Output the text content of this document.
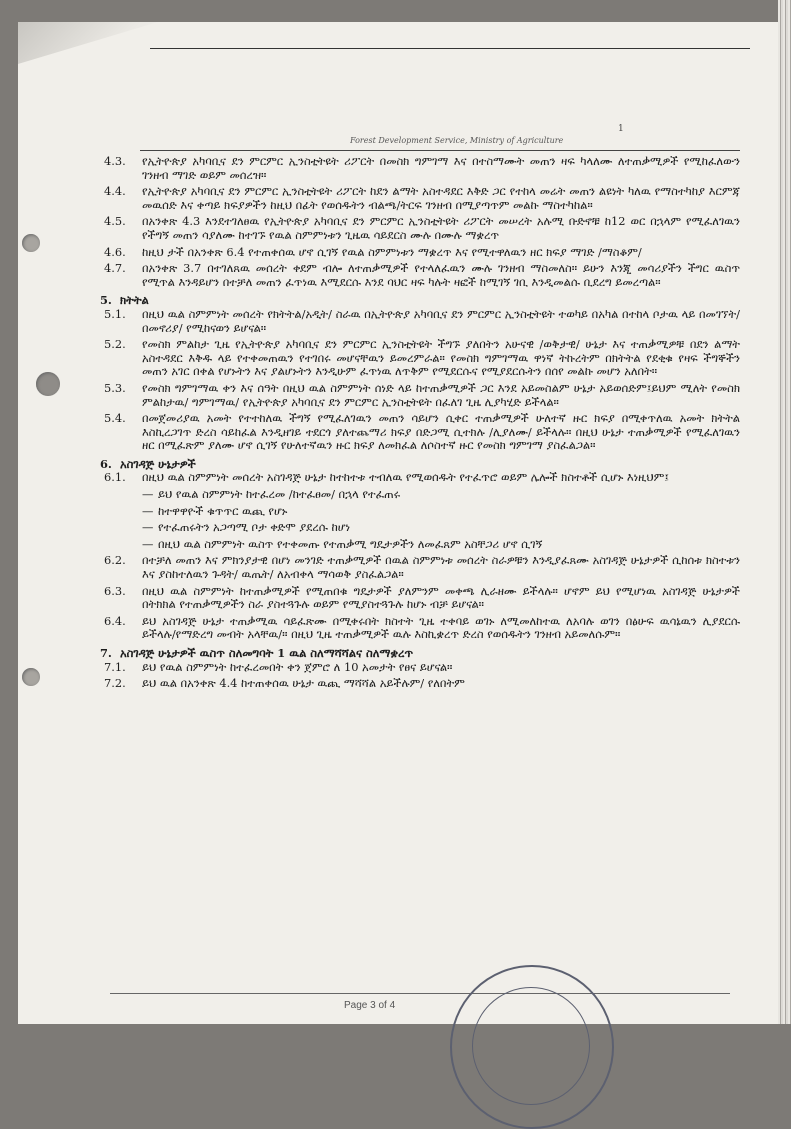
Forest Development Service, Ministry of Agriculture
1
4.3.	የኢትዮጵያ አካባቢና ደን ምርምር ኢንስቲትዩት ሪፖርት በመስክ ግምገማ እና በተስማሙት መጠን ዛፍ ካላለሙ ለተጠቃሚዎች የሚከፈለውን ገንዘብ ማገድ ወይም መሰረዝ።
4.4.	የኢትዮጵያ አካባቢና ደን ምርምር ኢንስቲትዩት ሪፖርት ከደን ልማት አስተዳደር እቅድ ጋር የተከላ መሬት መጠን ልዩነት ካለዉ የማስተካከያ እርምጃ መዉሰድ እና ቀጣይ ክፍያዎችን ከዚህ በፊት የወሰዱትን ብልጫ/ትርፍ ገንዘብ በሚያጣጥም መልኩ ማስተካከል።
4.5.	በአንቀጽ 4.3 እንደተገለፀዉ የኢትዮጵያ አካባቢና ደን ምርምር ኢንስቲትዩት ሪፖርት መሠረት አሉሚ ቡድኖቹ ከ12 ወር በኋላም የሚፈለገዉን የችግኝ መጠን ሳያለሙ ከተገኙ የዉል ስምምነቱን ጊዜዉ ሳይደርስ ሙሉ በሙሉ ማቋረጥ
4.6.	ከዚህ ታች በአንቀጽ 6.4 የተጠቀሰዉ ሆኖ ሲገኝ የዉል ስምምነቱን ማቋረጥ እና የሚተዋለዉን ዘር ክፍያ ማገድ /ማስቆም/
4.7.	በአንቀጽ 3.7 በተገለጸዉ መሰረት ቀደም ብሎ ለተጠቃሚዎች የተላለፈዉን ሙሉ ገንዘብ ማስመለስ። ይሁን እንጂ መሳሪያችን ችግር ዉስጥ የሚጥል እንዳይሆን በተቻለ መጠን ፈጥነዉ እሚደርሱ እንደ ባህር ዛፍ ካሉት ዛፎች ከሚገኝ ገቢ እንዲመልሱ ቢደረግ ይመረጣል።
5. ክትትል
5.1.	በዚህ ዉል ስምምነት መሰረት የክትትል/አዲት/ ስራዉ በኢትዮጵያ አካባቢና ደን ምርምር ኢንስቲትዩት ተወካይ በአካል በተከላ ቦታዉ ላይ በመገኘት/ በመኖሪያ/ የሚከናወን ይሆናል።
5.2.	የመስክ ምልከታ ጊዜ የኢትዮጵያ አካባቢና ደን ምርምር ኢንስቲትዩት ችግኙ ያለበትን አሁናዊ /ወቅታዊ/ ሁኔታ እና ተጠቃሚዎቹ በደን ልማት አስተዳደር እቅዱ ላይ የተቀመጠዉን የተገበሩ መሆናቸዉን ይመረምራል። የመስክ ግምገማዉ ዋነኛ ትኩረትም በክትትል የደቂቁ የዛፍ ችግኞችን መጠን አገር በቀል የሆኑትን እና ያልሆኑትን እንዲሁም ፈጥነዉ ለጥቅም የሚደርሱና የሚያደርሱትን በሰየ መልኩ መሆን አለበት።
5.3.	የመስክ ግምገማዉ ቀን እና ሰዓት በዚህ ዉል ስምምነት ሰነድ ላይ ከተጠቃሚዎች ጋር እንደ አይመስልም ሁኔታ አይወሰድም፤ይህም ሚለት የመስክ ምልከታዉ/ ግምገማዉ/ የኢትዮጵያ አካባቢና ደን ምርምር ኢንስቲትዩት በፈለገ ጊዜ ሊያካሂድ ይችላል።
5.4.	በመጀመሪያዉ አመት የተተከለዉ ችግኝ የሚፈለገዉን መጠን ሳይሆን ሲቀር ተጠቃሚዎች ሁለተኛ ዙር ክፍያ በሚቀጥለዉ አመት ክትትል እስኪረጋገጥ ድረስ ሳይከፈል እንዲዘገይ ተደርጎ ያለተጨማሪ ክፍያ በድጋሚ ሲተክሉ /ሊያለሙ/ ይችላሉ። በዚህ ሁኔታ ተጠቃሚዎች የሚፈለገዉን ዘር በሚፈጽም ያለሙ ሆኖ ሲገኝ የሁለተኛዉን ዙር ክፍያ ለመክፈል ለሶስተኛ ዙር የመስክ ግምገማ ያስፈልጋል።
6. አስገዳጅ ሁኔታዎች
6.1.	በዚህ ዉል ስምምነት መሰረት አስገዳጅ ሁኔታ ከተከተቱ ተብለዉ የሚወሰዱት የተፈጥሮ ወይም ሌሎች ክስተቶች ሲሆኑ እነዚህም፤
— ይህ የዉል ስምምነት ከተፈረመ /ከተፈፀመ/ በኋላ የተፈጠሩ
— ከተዋዋዮች ቁጥጥር ዉጪ የሆኑ
— የተፈጠሩትን አጋጣሚ ቦታ ቀድሞ ያደረሱ ከሆነ
— በዚህ ዉል ስምምነት ዉስጥ የተቀመጡ የተጠቃሚ ግዴታዎችን ለመፈጸም አስቸጋሪ ሆኖ ሲገኝ
6.2.	በተቻለ መጠን እና ምክንያታዊ በሆነ መንገድ ተጠቃሚዎች በዉል ስምምነቱ መሰረት ስራዎቹን እንዲያፈጸሙ አስገዳጅ ሁኔታዎች ሲከሰቱ ክስተቱን እና ያስከተለዉን ጉዳት/ ዉጤት/ ለአብቀላ ማሳወቅ ያስፈልጋል።
6.3.	በዚህ ዉል ስምምነት ከተጠቃሚዎች የሚጠበቁ ግዴታዎች ያለምንም መቀጫ ሊራዘሙ ይችላሉ። ሆኖም ይህ የሚሆነዉ አስገዳጅ ሁኔታዎች በትክክል የተጠቃሚዎችን ስራ ያስተጓጉሉ ወይም የሚያስተጓጉሉ ከሆኑ ብቻ ይሆናል።
6.4.	ይህ አስገዳጅ ሁኔታ ተጠቃሚዉ ሳይፈጽሙ በሚቀሩበት ክስተት ጊዜ ተቀባይ ወገኑ ለሚመለከተዉ ለአባሉ ወገን በፅሁፍ ዉሳኔዉን ሊያደርሱ ይችላሉ/የማድረግ መብት አላቸዉ/። በዚህ ጊዜ ተጠቃሚዎች ዉሉ እስኪቋረጥ ድረስ የወሰዱትን ገንዘብ አይመለሱም።
7. አስገዳጅ ሁኔታዎች ዉስጥ ስለመግባት 1 ዉል ስለማሻሻልና ስለማቋረጥ
7.1.	ይህ የዉል ስምምነት ከተፈረመበት ቀን ጀምሮ ለ 10 አመታት የፀና ይሆናል።
7.2.	ይህ ዉል በአንቀጽ 4.4 ከተጠቀሰዉ ሁኔታ ዉጪ ማሻሻል አይችሉም/ የለበትም
Page 3 of 4
